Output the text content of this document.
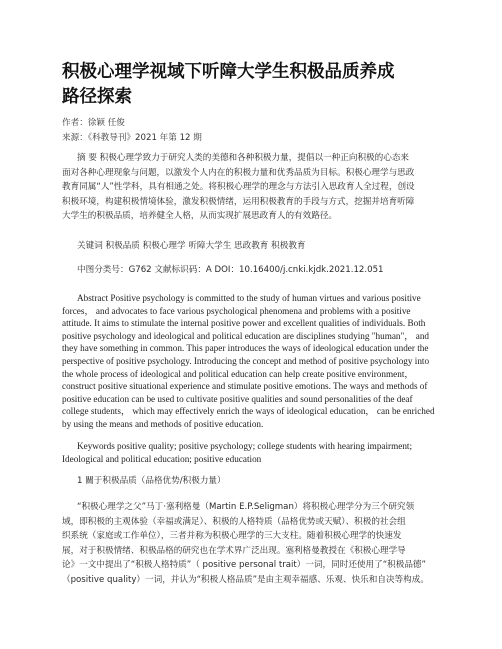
积极心理学视域下听障大学生积极品质养成
路径探索
作者：徐颖 任俊
来源：《科教导刊》2021 年第 12 期
摘 要 积极心理学致力于研究人类的美德和各种积极力量，提倡以一种正向积极的心态来
面对各种心理现象与问题，以激发个人内在的积极力量和优秀品质为目标。积极心理学与思政
教育同属“人”性学科，具有相通之处。将积极心理学的理念与方法引入思政育人全过程，创设
积极环境，构建积极情境体验，激发积极情绪，运用积极教育的手段与方式，挖掘并培育听障
大学生的积极品质，培养健全人格，从而实现扩展思政育人的有效路径。
关键词 积极品质 积极心理学 听障大学生 思政教育 积极教育
中图分类号：G762 文献标识码：A DOI：10.16400/j.cnki.kjdk.2021.12.051
Abstract Positive psychology is committed to the study of human virtues and various positive
forces， and advocates to face various psychological phenomena and problems with a positive
attitude. It aims to stimulate the internal positive power and excellent qualities of individuals. Both
positive psychology and ideological and political education are disciplines studying "human"， and
they have something in common. This paper introduces the ways of ideological education under the
perspective of positive psychology. Introducing the concept and method of positive psychology into
the whole process of ideological and political education can help create positive environment，
construct positive situational experience and stimulate positive emotions. The ways and methods of
positive education can be used to cultivate positive qualities and sound personalities of the deaf
college students， which may effectively enrich the ways of ideological education， can be enriched
by using the means and methods of positive education.
Keywords positive quality; positive psychology; college students with hearing impairment;
Ideological and political education; positive education
1 關于积极品质（品格优势/积极力量）
“积极心理学之父”马丁·塞利格曼（Martin E.P.Seligman）将积极心理学分为三个研究领
域，即积极的主观体验（幸福或满足）、积极的人格特质（品格优势或天赋）、积极的社会组
织系统（家庭或工作单位），三者并称为积极心理学的三大支柱。随着积极心理学的快速发
展，对于积极情绪、积极品格的研究也在学术界广泛出现。塞利格曼教授在《积极心理学导
论》一文中提出了“积极人格特质”（ positive personal trait）一词，同时还使用了“积极品德”
（positive quality）一词，并认为“积极人格品质”是由主观幸福感、乐观、快乐和自决等构成。
